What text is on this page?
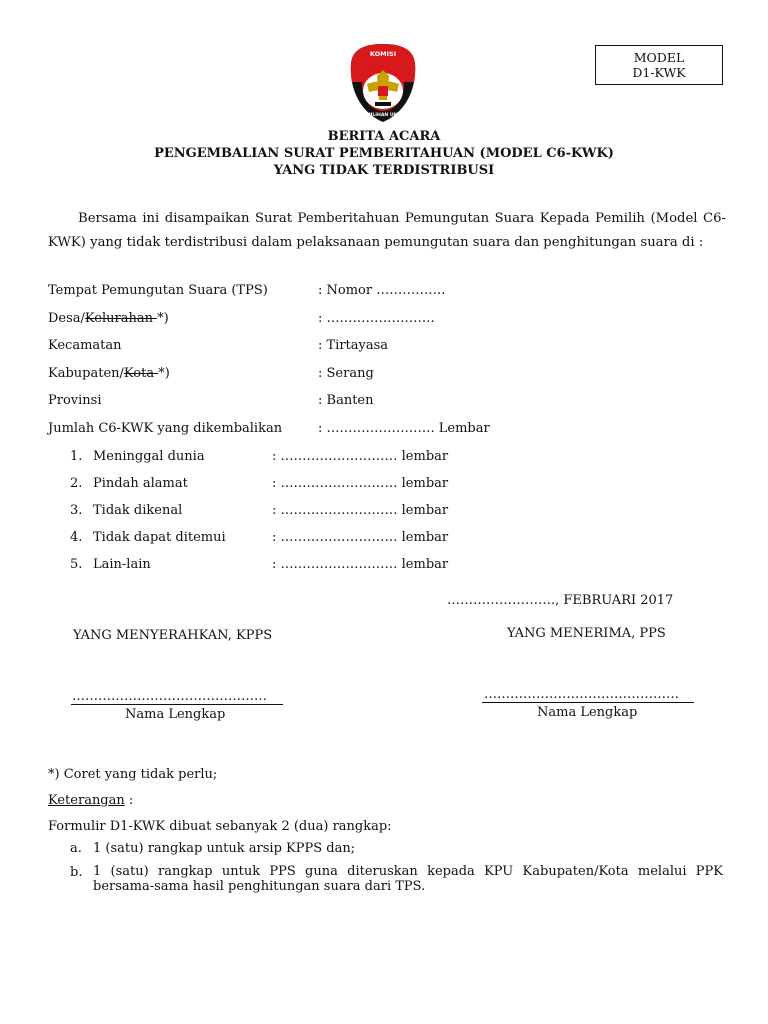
MODEL
D1-KWK
KOMISI
PEMILIHAN UMUM
BERITA ACARA
PENGEMBALIAN SURAT PEMBERITAHUAN (MODEL C6-KWK)
YANG TIDAK TERDISTRIBUSI
Bersama ini disampaikan Surat Pemberitahuan Pemungutan Suara Kepada Pemilih (Model C6-KWK) yang tidak terdistribusi dalam pelaksanaan pemungutan suara dan penghitungan suara di :
Tempat Pemungutan Suara (TPS)	: Nomor …………….
Desa/Kelurahan *)	: …………………….
Kecamatan	: Tirtayasa
Kabupaten/Kota *)	: Serang
Provinsi	: Banten
Jumlah C6-KWK yang dikembalikan	: ……………………. Lembar
1. Meninggal dunia	: ……………………… lembar
2. Pindah alamat	: ……………………… lembar
3. Tidak dikenal	: ……………………… lembar
4. Tidak dapat ditemui	: ……………………… lembar
5. Lain-lain	: ……………………… lembar
……………………., FEBRUARI 2017
YANG MENYERAHKAN, KPPS	YANG MENERIMA, PPS
………………………………………
Nama Lengkap
………………………………………
Nama Lengkap
*) Coret yang tidak perlu;
Keterangan :
Formulir D1-KWK dibuat sebanyak 2 (dua) rangkap:
a. 1 (satu) rangkap untuk arsip KPPS dan;
b. 1 (satu) rangkap untuk PPS guna diteruskan kepada KPU Kabupaten/Kota melalui PPK bersama-sama hasil penghitungan suara dari TPS.
